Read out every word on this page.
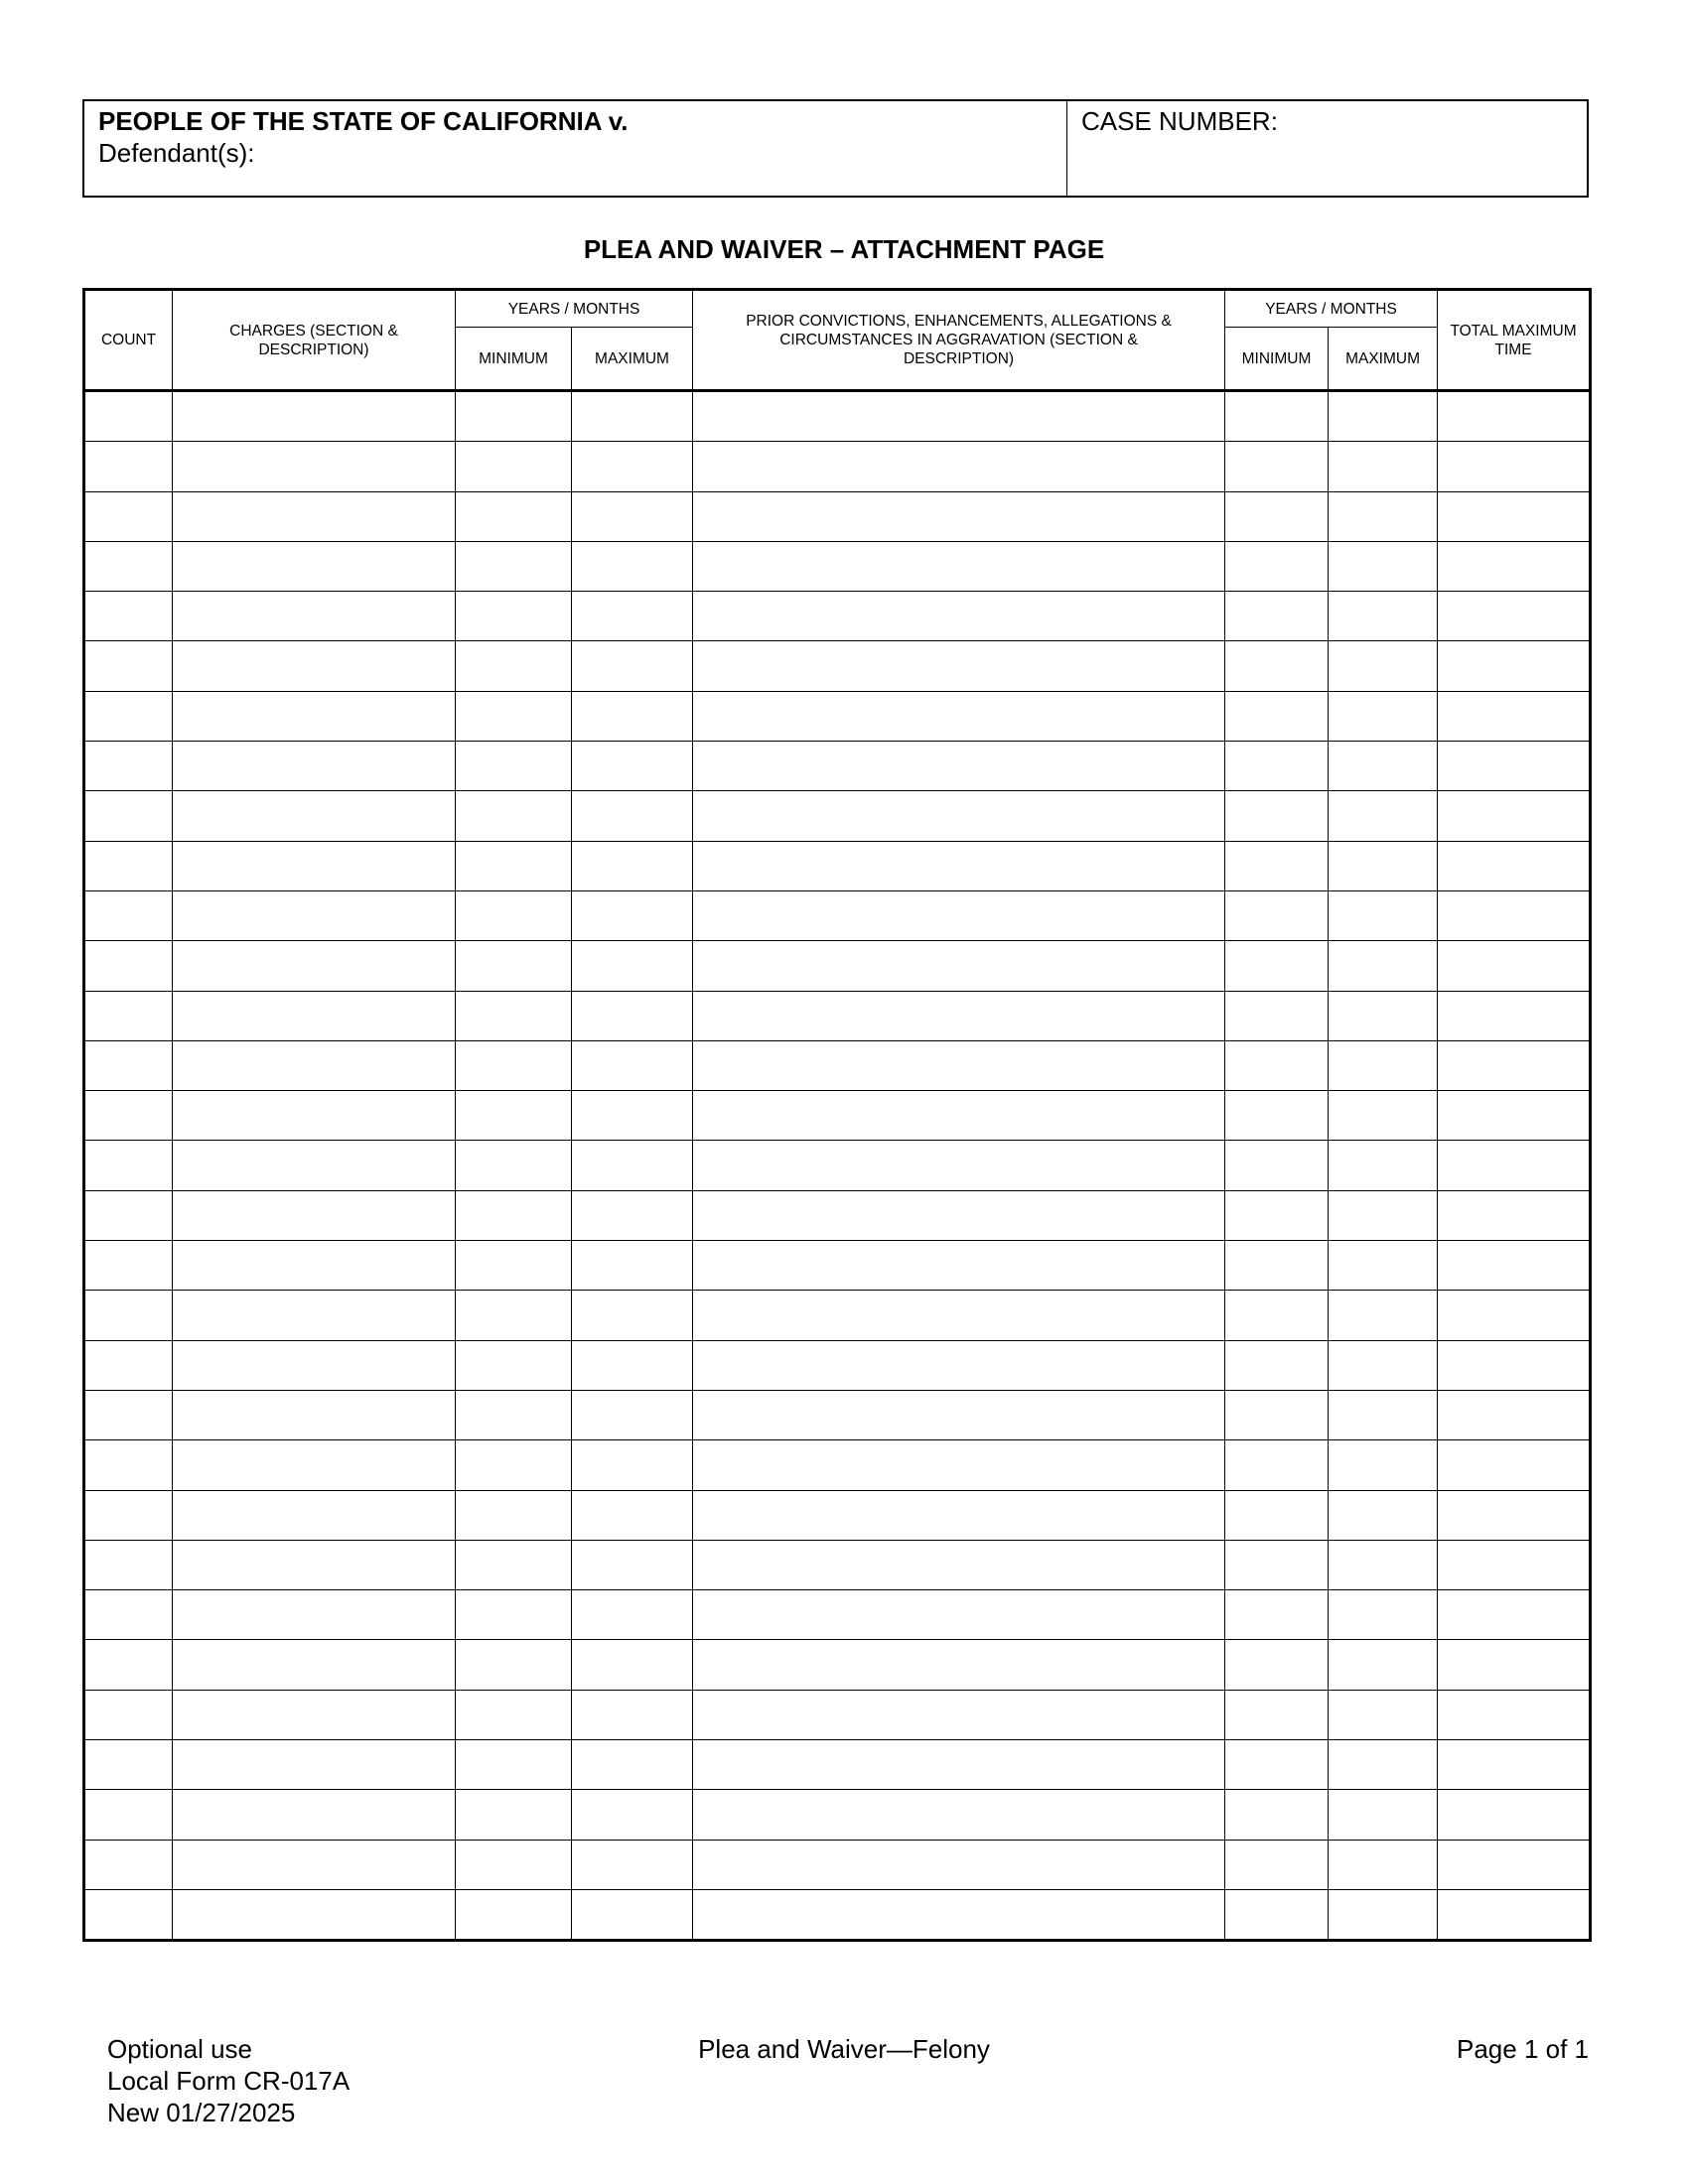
PEOPLE OF THE STATE OF CALIFORNIA v.
Defendant(s):
CASE NUMBER:
PLEA AND WAIVER – ATTACHMENT PAGE
COUNT	CHARGES (SECTION & DESCRIPTION)	YEARS / MONTHS		PRIOR CONVICTIONS, ENHANCEMENTS, ALLEGATIONS & CIRCUMSTANCES IN AGGRAVATION (SECTION & DESCRIPTION)	YEARS / MONTHS		TOTAL MAXIMUM TIME
		MINIMUM	MAXIMUM		MINIMUM	MAXIMUM	

Optional use
Local Form CR-017A
New 01/27/2025
Plea and Waiver—Felony	Page 1 of 1
